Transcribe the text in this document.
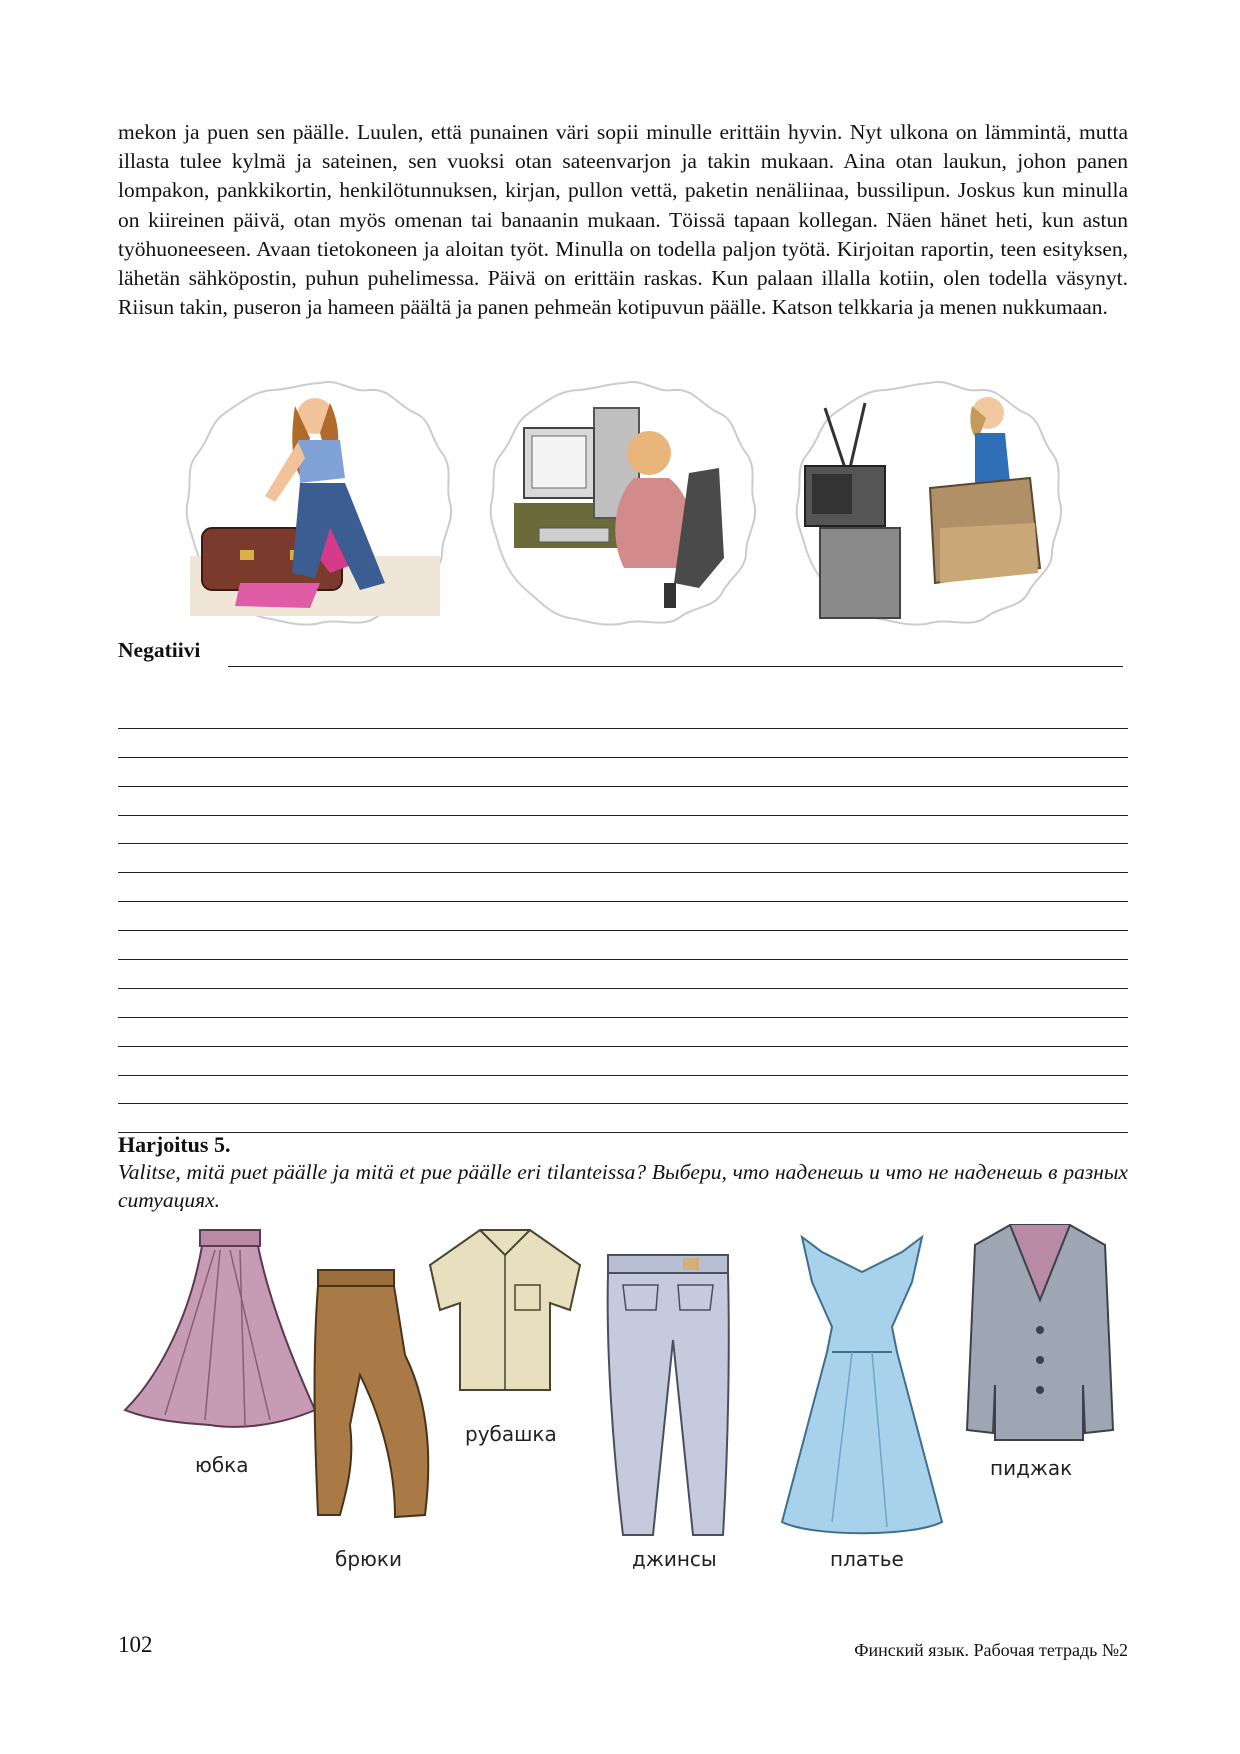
mekon ja puen sen päälle. Luulen, että punainen väri sopii minulle erittäin hyvin. Nyt ulkona on lämmintä, mutta illasta tulee kylmä ja sateinen, sen vuoksi otan sateenvarjon ja takin mukaan. Aina otan laukun, johon panen lompakon, pankkikortin, henkilötunnuksen, kirjan, pullon vettä, paketin nenäliinaa, bussilipun. Joskus kun minulla on kiireinen päivä, otan myös omenan tai banaanin mukaan. Töissä tapaan kollegan. Näen hänet heti, kun astun työhuoneeseen. Avaan tietokoneen ja aloitan työt. Minulla on todella paljon työtä. Kirjoitan raportin, teen esityksen, lähetän sähköpostin, puhun puhelimessa. Päivä on erittäin raskas. Kun palaan illalla kotiin, olen todella väsynyt. Riisun takin, puseron ja hameen päältä ja panen pehmeän kotipuvun päälle. Katson telkkaria ja menen nukkumaan.

Negatiivi
Harjoitus 5.

Valitse, mitä puet päälle ja mitä et pue päälle eri tilanteissa? Выбери, что наденешь и что не наденешь в разных ситуациях.

юбка
брюки
рубашка
джинсы	платье
пиджак
102	Финский язык. Рабочая тетрадь №2
